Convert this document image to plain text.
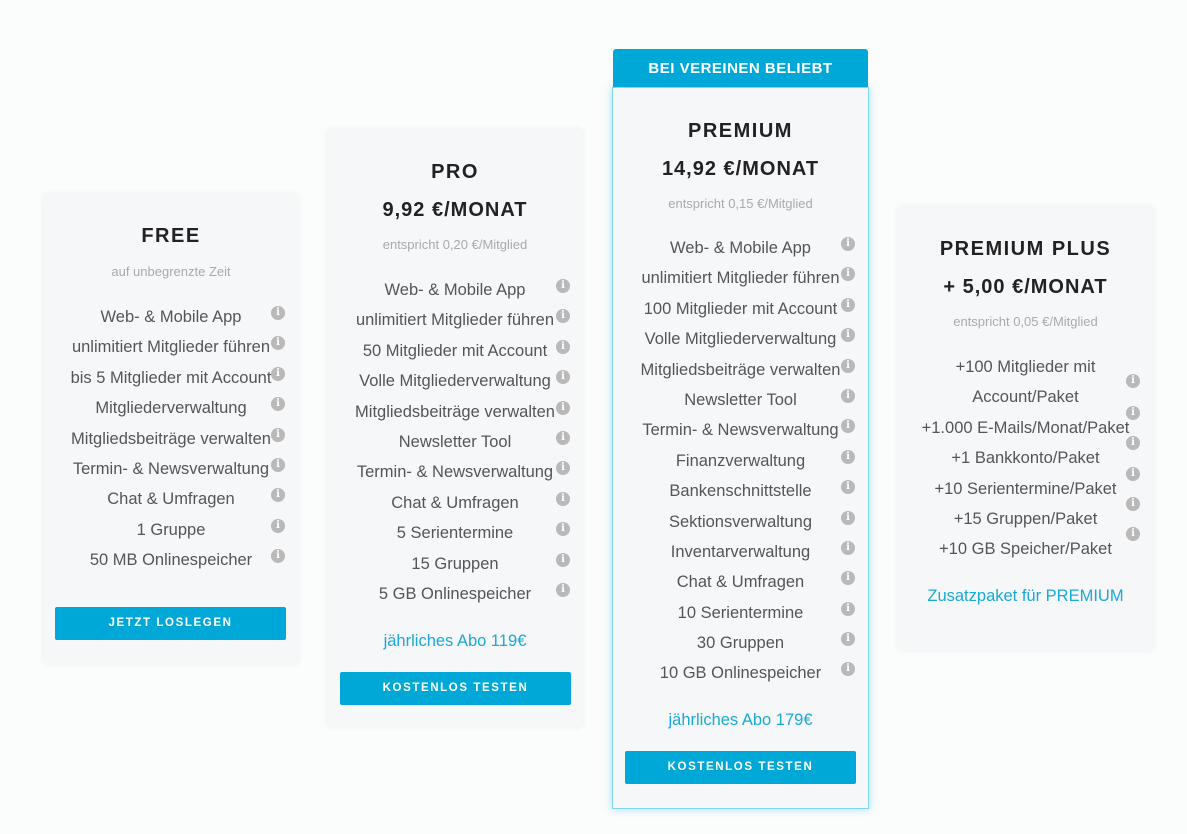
FREE
auf unbegrenzte Zeit
Web- & Mobile App	i
unlimitiert Mitglieder führen i
bis 5 Mitglieder mit Account i
Mitgliederverwaltung	i
Mitgliedsbeiträge verwalten i
Termin- & Newsverwaltung i
Chat & Umfragen	i
1 Gruppe	i
50 MB Onlinespeicher	i
JETZT LOSLEGEN
PRO
9,92 €/MONAT
entspricht 0,20 €/Mitglied
Web- & Mobile App	i
unlimitiert Mitglieder führen i
50 Mitglieder mit Account	i
Volle Mitgliederverwaltung	i
Mitgliedsbeiträge verwalten i
Newsletter Tool	i
Termin- & Newsverwaltung i
Chat & Umfragen	i
5 Serientermine	i
15 Gruppen	i
5 GB Onlinespeicher	i
jährliches Abo 119€
KOSTENLOS TESTEN
BEI VEREINEN BELIEBT
PREMIUM
14,92 €/MONAT
entspricht 0,15 €/Mitglied
Web- & Mobile App	i
unlimitiert Mitglieder führen i
100 Mitglieder mit Account i
Volle Mitgliederverwaltung i
Mitgliedsbeiträge verwalten i
Newsletter Tool	i
Termin- & Newsverwaltung i
Finanzverwaltung	i
Bankenschnittstelle	i
Sektionsverwaltung	i
Inventarverwaltung	i
Chat & Umfragen	i
10 Serientermine	i
30 Gruppen	i
10 GB Onlinespeicher	i
jährliches Abo 179€
KOSTENLOS TESTEN
PREMIUM PLUS
+ 5,00 €/MONAT
entspricht 0,05 €/Mitglied
+100 Mitglieder mit
Account/Paket
i
+1.000 E-Mails/Monat/Paket
i
+1 Bankkonto/Paket
i
+10 Serientermine/Paket
i
+15 Gruppen/Paket
i
+10 GB Speicher/Paket
i
Zusatzpaket für PREMIUM
